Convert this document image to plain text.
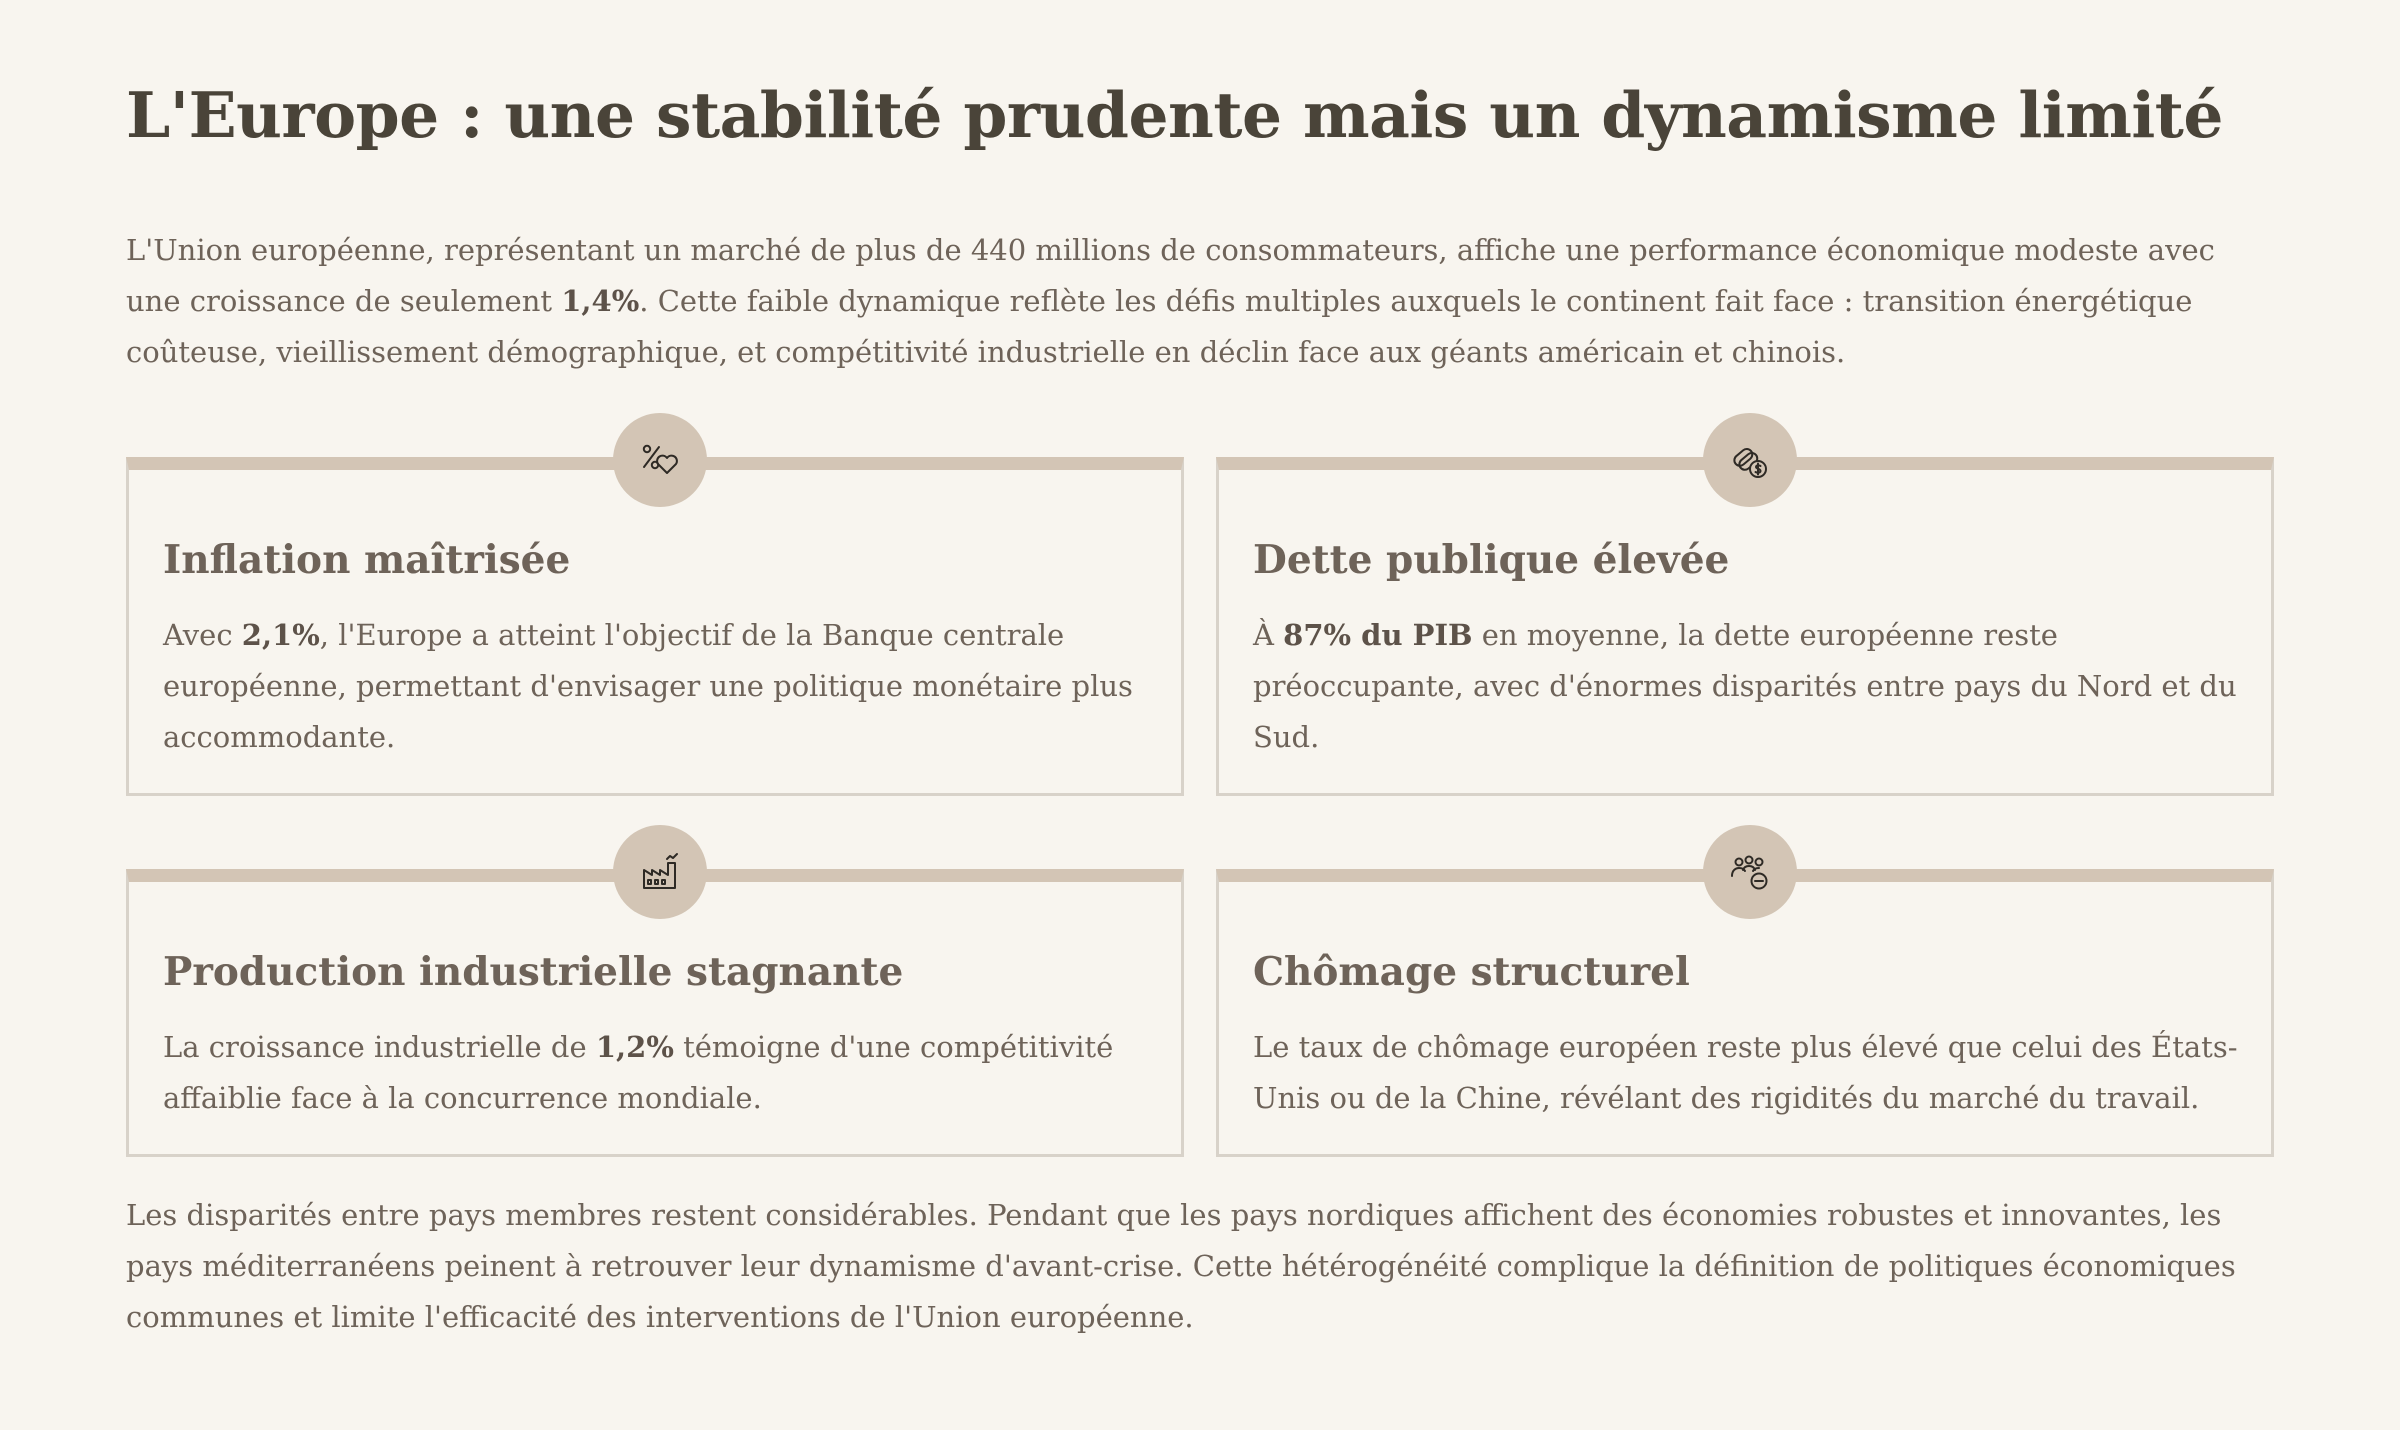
L'Europe : une stabilité prudente mais un dynamisme limité

L'Union européenne, représentant un marché de plus de 440 millions de consommateurs, affiche une performance économique modeste avec une croissance de seulement 1,4%. Cette faible dynamique reflète les défis multiples auxquels le continent fait face : transition énergétique coûteuse, vieillissement démographique, et compétitivité industrielle en déclin face aux géants américain et chinois.

Inflation maîtrisée

Avec 2,1%, l'Europe a atteint l'objectif de la Banque centrale européenne, permettant d'envisager une politique monétaire plus accommodante.

Dette publique élevée

À 87% du PIB en moyenne, la dette européenne reste préoccupante, avec d'énormes disparités entre pays du Nord et du Sud.

Production industrielle stagnante

La croissance industrielle de 1,2% témoigne d'une compétitivité affaiblie face à la concurrence mondiale.

Chômage structurel

Le taux de chômage européen reste plus élevé que celui des États-Unis ou de la Chine, révélant des rigidités du marché du travail.

Les disparités entre pays membres restent considérables. Pendant que les pays nordiques affichent des économies robustes et innovantes, les pays méditerranéens peinent à retrouver leur dynamisme d'avant-crise. Cette hétérogénéité complique la définition de politiques économiques communes et limite l'efficacité des interventions de l'Union européenne.
